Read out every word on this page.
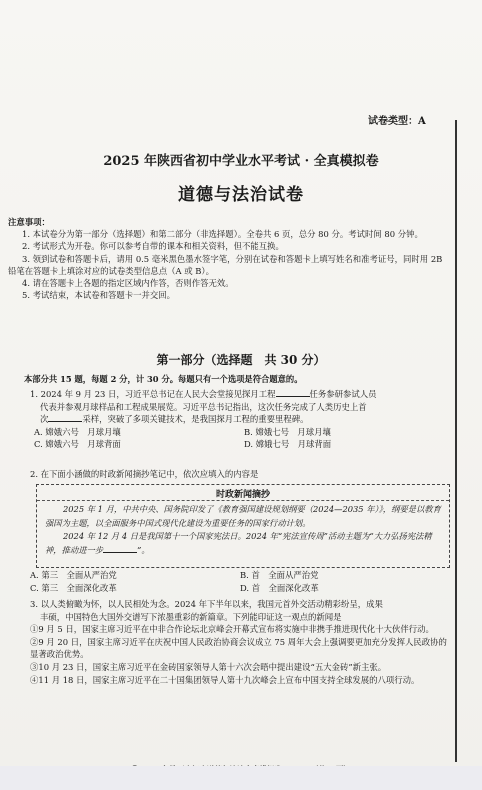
试卷类型：A
2025 年陕西省初中学业水平考试 · 全真模拟卷
道德与法治试卷

注意事项：

1. 本试卷分为第一部分（选择题）和第二部分（非选择题）。全卷共 6 页，总分 80 分。考试时间 80 分钟。

2. 考试形式为开卷。你可以参考自带的课本和相关资料，但不能互换。

3. 领到试卷和答题卡后，请用 0.5 毫米黑色墨水签字笔，分别在试卷和答题卡上填写姓名和准考证号，同时用 2B 铅笔在答题卡上填涂对应的试卷类型信息点（A 或 B）。

4. 请在答题卡上各题的指定区域内作答，否则作答无效。

5. 考试结束，本试卷和答题卡一并交回。

第一部分（选择题　共 30 分）
本部分共 15 题，每题 2 分，计 30 分。每题只有一个选项是符合题意的。

1. 2024 年 9 月 23 日，习近平总书记在人民大会堂接见探月工程	任务参研参试人员

代表并参观月球样品和工程成果展览。习近平总书记指出，这次任务完成了人类历史上首

次	采样，突破了多项关键技术，是我国探月工程的重要里程碑。

A. 嫦娥六号　月球月壤	B. 嫦娥七号　月球月壤
C. 嫦娥六号　月球背面	D. 嫦娥七号　月球背面
2. 在下面小涵做的时政新闻摘抄笔记中，依次应填入的内容是
时政新闻摘抄

2025 年 1 月，中共中央、国务院印发了《教育强国建设规划纲要（2024—2035 年）》，纲要是以教育强国为主题，以全面服务中国式现代化建设为重要任务的国家行动计划。

2024 年 12 月 4 日是我国第十一个国家宪法日。2024 年“宪法宣传周”活动主题为“大力弘扬宪法精神，推动进一步	”。

A. 第三　全面从严治党	B. 首　全面从严治党
C. 第三　全面深化改革	D. 首　全面深化改革

3. 以人类俯瞰为怀，以人民相处为念。2024 年下半年以来，我国元首外交活动精彩纷呈，成果

丰硕，中国特色大国外交谱写下浓墨重彩的新篇章。下列能印证这一观点的新闻是

①9 月 5 日，国家主席习近平在中非合作论坛北京峰会开幕式宣布将实施中非携手推进现代化十大伙伴行动。

②9 月 20 日，国家主席习近平在庆祝中国人民政治协商会议成立 75 周年大会上强调要更加充分发挥人民政协的显著政治优势。

③10 月 23 日，国家主席习近平在金砖国家领导人第十六次会晤中提出建设“五大金砖”新主张。

④11 月 18 日，国家主席习近平在二十国集团领导人第十九次峰会上宣布中国支持全球发展的八项行动。
